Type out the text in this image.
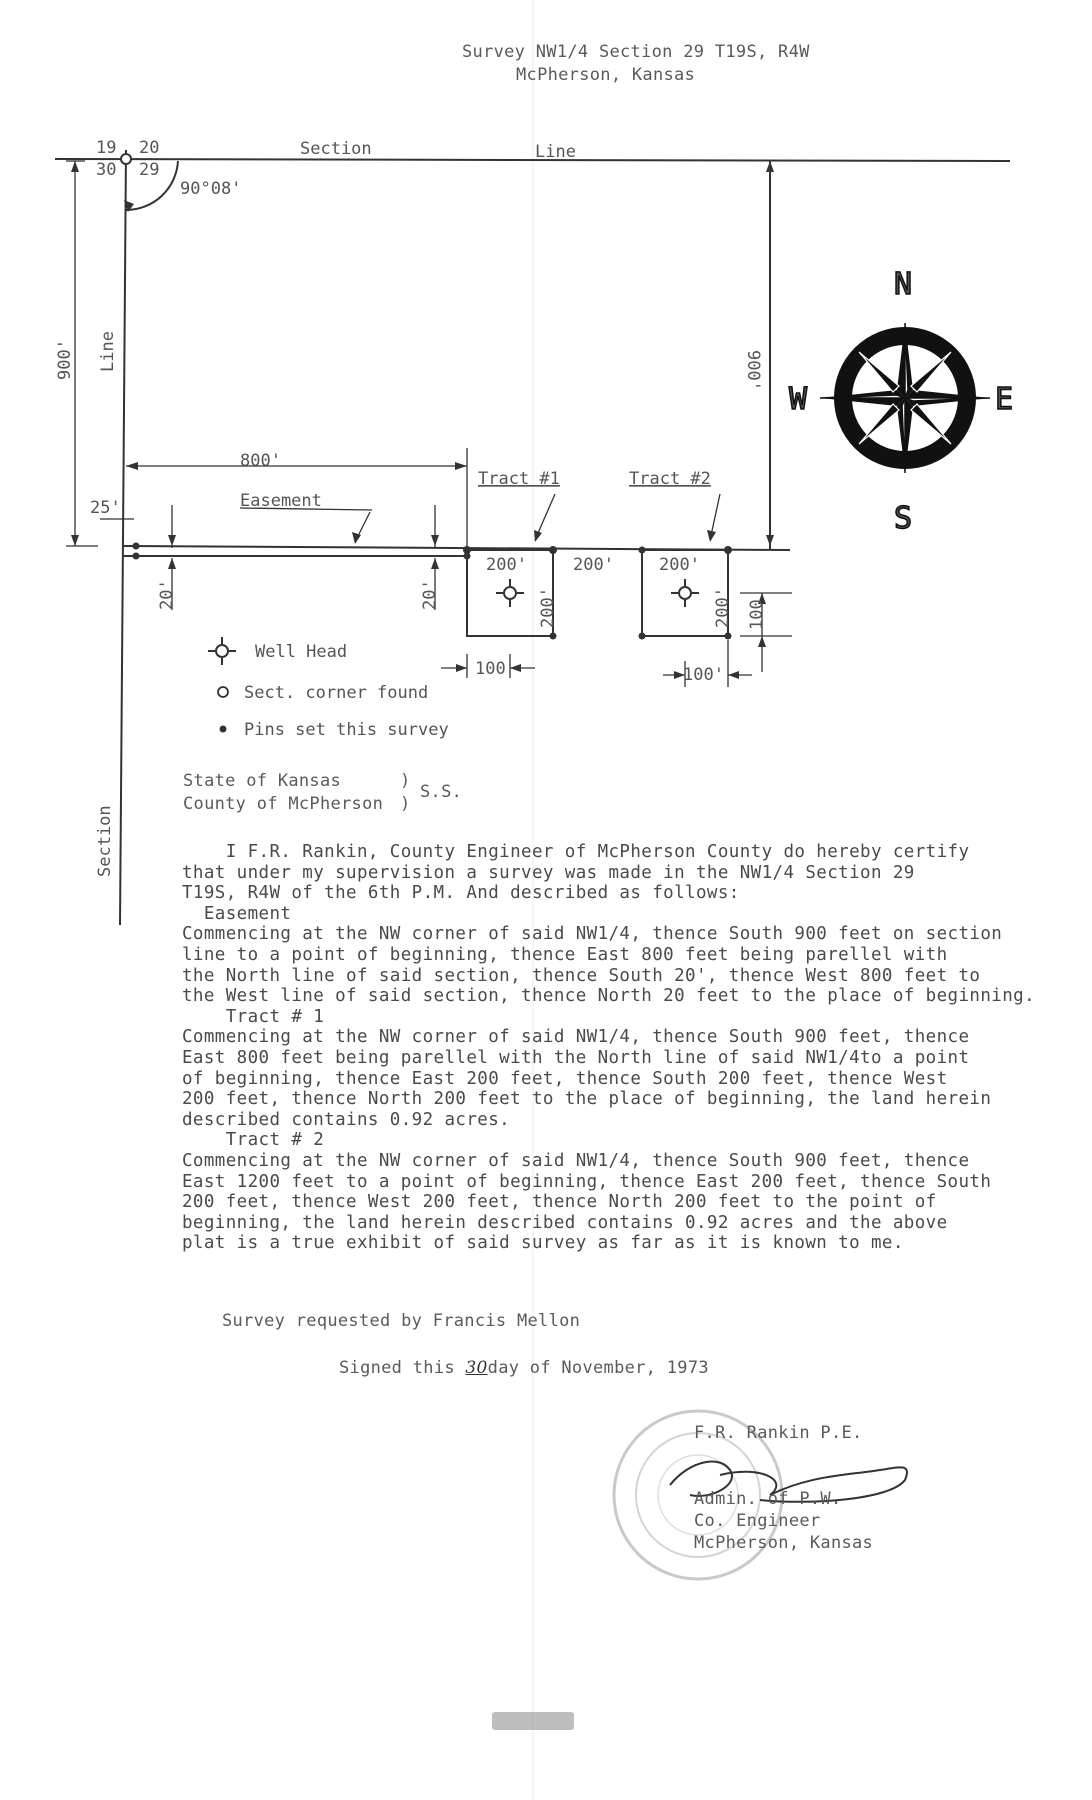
Survey NW1/4 Section 29 T19S, R4W
McPherson, Kansas
19 20
30 29
Section	Line
90°08'
800'
25'	Easement
Tract #1	Tract #2
200'	200'	200'
100	100'
Well Head
Sect. corner found
Pins set this survey
900' Line	900'
20'	20'	200'	200' 100
Section
N
S
E
W
State of Kansas
County of McPherson
)
)
S.S.
I F.R. Rankin, County Engineer of McPherson County do hereby certify
that under my supervision a survey was made in the NW1/4 Section 29
T19S, R4W of the 6th P.M. And described as follows:
Easement
Commencing at the NW corner of said NW1/4, thence South 900 feet on section
line to a point of beginning, thence East 800 feet being parellel with
the North line of said section, thence South 20', thence West 800 feet to
the West line of said section, thence North 20 feet to the place of beginning.
Tract # 1
Commencing at the NW corner of said NW1/4, thence South 900 feet, thence
East 800 feet being parellel with the North line of said NW1/4to a point
of beginning, thence East 200 feet, thence South 200 feet, thence West
200 feet, thence North 200 feet to the place of beginning, the land herein
described contains 0.92 acres.
Tract # 2
Commencing at the NW corner of said NW1/4, thence South 900 feet, thence
East 1200 feet to a point of beginning, thence East 200 feet, thence South
200 feet, thence West 200 feet, thence North 200 feet to the point of
beginning, the land herein described contains 0.92 acres and the above
plat is a true exhibit of said survey as far as it is known to me.
Survey requested by Francis Mellon
Signed this 30day of November, 1973
F.R. Rankin P.E.
Admin. of P.W.
Co. Engineer
McPherson, Kansas
